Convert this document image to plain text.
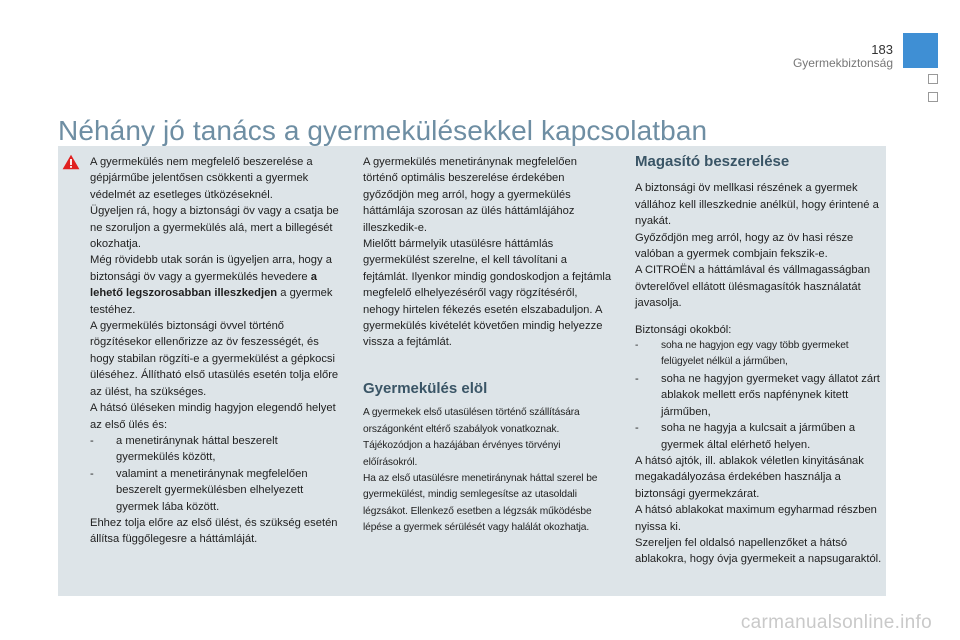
183
Gyermekbiztonság
Néhány jó tanács a gyermekülésekkel kapcsolatban

A gyermekülés nem megfelelő beszerelése a gépjárműbe jelentősen csökkenti a gyermek védelmét az esetleges ütközéseknél.

Ügyeljen rá, hogy a biztonsági öv vagy a csatja be ne szoruljon a gyermekülés alá, mert a billegését okozhatja.

Még rövidebb utak során is ügyeljen arra, hogy a biztonsági öv vagy a gyermekülés hevedere a lehető legszorosabban illeszkedjen a gyermek testéhez.

A gyermekülés biztonsági övvel történő rögzítésekor ellenőrizze az öv feszességét, és hogy stabilan rögzíti-e a gyermekülést a gépkocsi üléséhez. Állítható első utasülés esetén tolja előre az ülést, ha szükséges.

A hátsó üléseken mindig hagyjon elegendő helyet az első ülés és:

- a menetiránynak háttal beszerelt gyermekülés között,

- valamint a menetiránynak megfelelően beszerelt gyermekülésben elhelyezett gyermek lába között.

Ehhez tolja előre az első ülést, és szükség esetén állítsa függőlegesre a háttámláját.

A gyermekülés menetiránynak megfelelően történő optimális beszerelése érdekében győződjön meg arról, hogy a gyermekülés háttámlája szorosan az ülés háttámlájához illeszkedik-e.

Mielőtt bármelyik utasülésre háttámlás gyermekülést szerelne, el kell távolítani a fejtámlát. Ilyenkor mindig gondoskodjon a fejtámla megfelelő elhelyezéséről vagy rögzítéséről, nehogy hirtelen fékezés esetén elszabaduljon. A gyermekülés kivételét követően mindig helyezze vissza a fejtámlát.

Gyermekülés elöl

A gyermekek első utasülésen történő szállítására országonként eltérő szabályok vonatkoznak.

Tájékozódjon a hazájában érvényes törvényi előírásokról.

Ha az első utasülésre menetiránynak háttal szerel be gyermekülést, mindig semlegesítse az utasoldali légzsákot. Ellenkező esetben a légzsák működésbe lépése a gyermek sérülését vagy halálát okozhatja.

Magasító beszerelése

A biztonsági öv mellkasi részének a gyermek vállához kell illeszkednie anélkül, hogy érintené a nyakát.

Győződjön meg arról, hogy az öv hasi része valóban a gyermek combjain fekszik-e.

A CITROËN a háttámlával és vállmagasságban övterelővel ellátott ülésmagasítók használatát javasolja.

Biztonsági okokból:

- soha ne hagyjon egy vagy több gyermeket felügyelet nélkül a járműben,

- soha ne hagyjon gyermeket vagy állatot zárt ablakok mellett erős napfénynek kitett járműben,

- soha ne hagyja a kulcsait a járműben a gyermek által elérhető helyen.

A hátsó ajtók, ill. ablakok véletlen kinyitásának megakadályozása érdekében használja a biztonsági gyermekzárat.

A hátsó ablakokat maximum egyharmad részben nyissa ki.

Szereljen fel oldalsó napellenzőket a hátsó ablakokra, hogy óvja gyermekeit a napsugaraktól.

carmanualsonline.info
